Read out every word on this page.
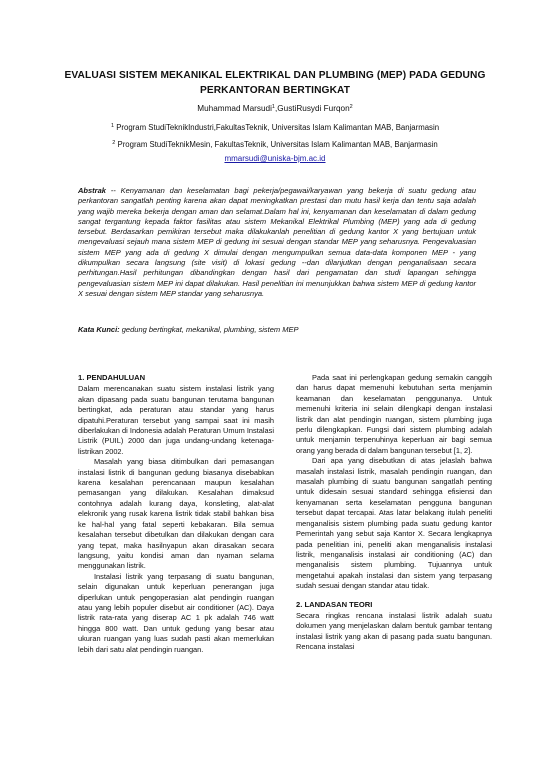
EVALUASI SISTEM MEKANIKAL ELEKTRIKAL DAN PLUMBING (MEP) PADA GEDUNG PERKANTORAN BERTINGKAT
Muhammad Marsudi$^1$,GustiRusydi Furqon$^2$
$^1$ Program StudiTeknikIndustri,FakultasTeknik, Universitas Islam Kalimantan MAB, Banjarmasin
$^2$ Program StudiTeknikMesin, FakultasTeknik, Universitas Islam Kalimantan MAB, Banjarmasin
mmarsudi@uniska-bjm.ac.id
Abstrak -- Kenyamanan dan keselamatan bagi pekerja/pegawai/karyawan yang bekerja di suatu gedung atau perkantoran sangatlah penting karena akan dapat meningkatkan prestasi dan mutu hasil kerja dan tentu saja adalah yang wajib mereka bekerja dengan aman dan selamat.Dalam hal ini, kenyamanan dan keselamatan di dalam gedung sangat tergantung kepada faktor fasilitas atau sistem Mekanikal Elektrikal Plumbing (MEP) yang ada di gedung tersebut. Berdasarkan pemikiran tersebut maka dilakukanlah penelitian di gedung kantor X yang bertujuan untuk mengevaluasi sejauh mana sistem MEP di gedung ini sesuai dengan standar MEP yang seharusnya. Pengevaluasian sistem MEP yang ada di gedung X dimulai dengan mengumpulkan semua data-data komponen MEP - yang dikumpulkan secara langsung (site visit) di lokasi gedung --dan dilanjutkan dengan penganalisaan secara perhitungan.Hasil perhitungan dibandingkan dengan hasil dari pengamatan dan studi lapangan sehingga pengevaluasian sistem MEP ini dapat dilakukan. Hasil penelitian ini menunjukkan bahwa sistem MEP di gedung kantor X sesuai dengan sistem MEP standar yang seharusnya.
Kata Kunci: gedung bertingkat, mekanikal, plumbing, sistem MEP
1. PENDAHULUAN

Dalam merencanakan suatu sistem instalasi listrik yang akan dipasang pada suatu bangunan terutama bangunan bertingkat, ada peraturan atau standar yang harus dipatuhi.Peraturan tersebut yang sampai saat ini masih diberlakukan di Indonesia adalah Peraturan Umum Instalasi Listrik (PUIL) 2000 dan juga undang-undang ketenaga-listrikan 2002.

Masalah yang biasa ditimbulkan dari pemasangan instalasi listrik di bangunan gedung biasanya disebabkan karena kesalahan perencanaan maupun kesalahan pemasangan yang dilakukan. Kesalahan dimaksud contohnya adalah kurang daya, konsleting, alat-alat elekronik yang rusak karena listrik tidak stabil bahkan bisa ke hal-hal yang fatal seperti kebakaran. Bila semua kesalahan tersebut dibetulkan dan dilakukan dengan cara yang tepat, maka hasilnyapun akan dirasakan secara langsung, yaitu kondisi aman dan nyaman selama menggunakan listrik.

Instalasi listrik yang terpasang di suatu bangunan, selain digunakan untuk keperluan penerangan juga diperlukan untuk pengoperasian alat pendingin ruangan atau yang lebih populer disebut air conditioner (AC). Daya listrik rata-rata yang diserap AC 1 pk adalah 746 watt hingga 800 watt. Dan untuk gedung yang besar atau ukuran ruangan yang luas sudah pasti akan memerlukan lebih dari satu alat pendingin ruangan.

Pada saat ini perlengkapan gedung semakin canggih dan harus dapat memenuhi kebutuhan serta menjamin keamanan dan keselamatan penggunanya. Untuk memenuhi kriteria ini selain dilengkapi dengan instalasi listrik dan alat pendingin ruangan, sistem plumbing juga perlu dilengkapkan. Fungsi dari sistem plumbing adalah untuk menjamin terpenuhinya keperluan air bagi semua orang yang berada di dalam bangunan tersebut [1, 2].

Dari apa yang disebutkan di atas jelaslah bahwa masalah instalasi listrik, masalah pendingin ruangan, dan masalah plumbing di suatu bangunan sangatlah penting untuk didesain sesuai standard sehingga efisiensi dan kenyamanan serta keselamatan pengguna bangunan tersebut dapat tercapai. Atas latar belakang itulah peneliti menganalisis sistem plumbing pada suatu gedung kantor Pemerintah yang sebut saja Kantor X. Secara lengkapnya pada penelitian ini, peneliti akan menganalisis instalasi listrik, menganalisis instalasi air conditioning (AC) dan menganalisis sistem plumbing. Tujuannya untuk mengetahui apakah instalasi dan sistem yang terpasang sudah sesuai dengan standar atau tidak.

2. LANDASAN TEORI

Secara ringkas rencana instalasi listrik adalah suatu dokumen yang menjelaskan dalam bentuk gambar tentang instalasi listrik yang akan di pasang pada suatu bangunan. Rencana instalasi
